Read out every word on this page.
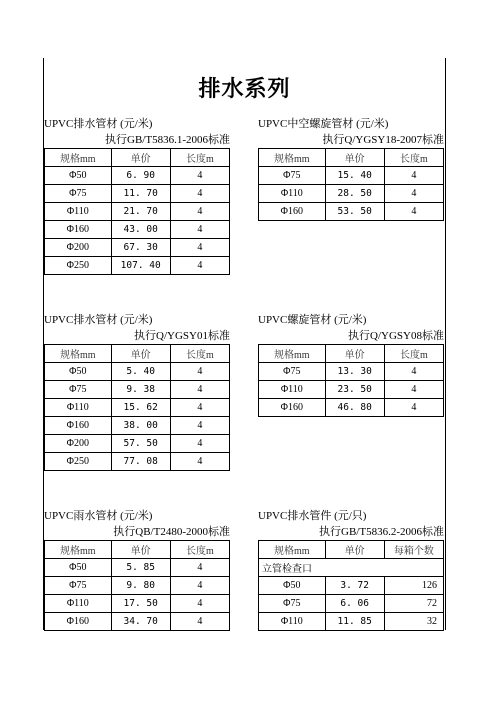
排水系列
UPVC排水管材 (元/米)
执行GB/T5836.1-2006标准
规格mm	单价	长度m
Φ50	6. 90	4
Φ75	11. 70	4
Φ110	21. 70	4
Φ160	43. 00	4
Φ200	67. 30	4
Φ250	107. 40	4
UPVC中空螺旋管材 (元/米)
执行Q/YGSY18-2007标准
规格mm	单价	长度m
Φ75	15. 40	4
Φ110	28. 50	4
Φ160	53. 50	4
UPVC排水管材 (元/米)
执行Q/YGSY01标准
规格mm	单价	长度m
Φ50	5. 40	4
Φ75	9. 38	4
Φ110	15. 62	4
Φ160	38. 00	4
Φ200	57. 50	4
Φ250	77. 08	4
UPVC螺旋管材 (元/米)
执行Q/YGSY08标准
规格mm	单价	长度m
Φ75	13. 30	4
Φ110	23. 50	4
Φ160	46. 80	4
UPVC雨水管材 (元/米)
执行QB/T2480-2000标准
规格mm	单价	长度m
Φ50	5. 85	4
Φ75	9. 80	4
Φ110	17. 50	4
Φ160	34. 70	4
UPVC排水管件 (元/只)
执行GB/T5836.2-2006标准
规格mm	单价	每箱个数
立管检查口		
Φ50	3. 72	126
Φ75	6. 06	72
Φ110	11. 85	32
